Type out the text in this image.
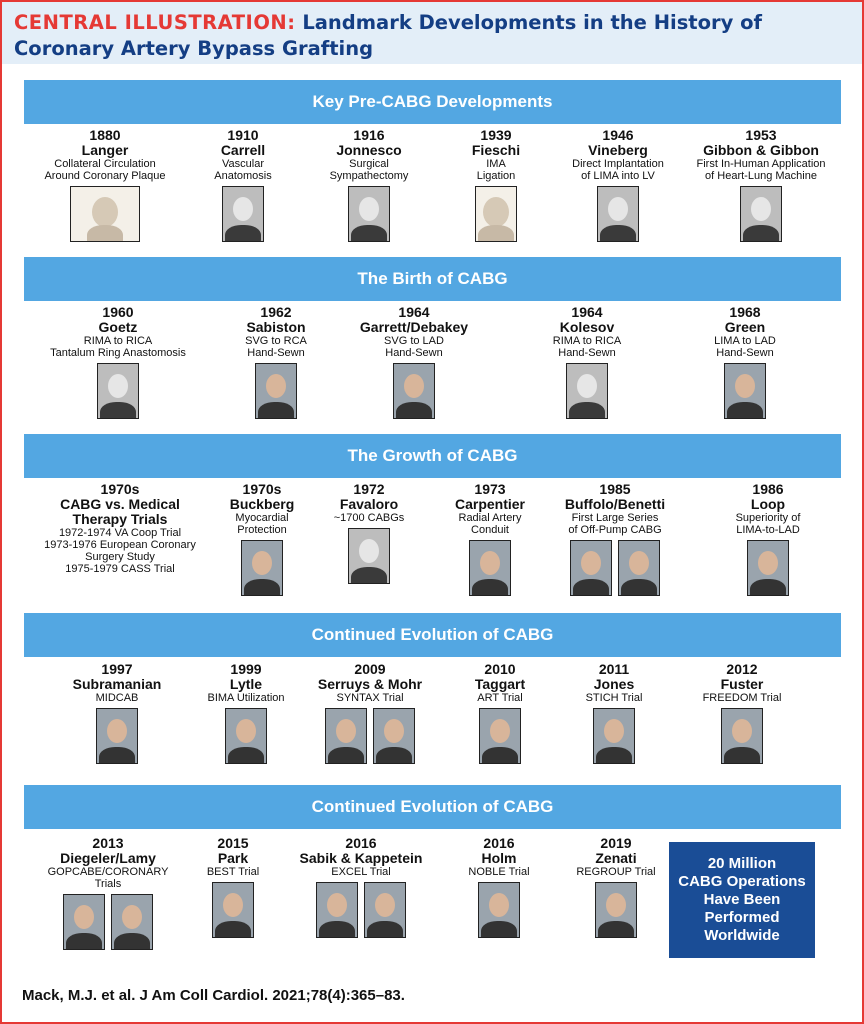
CENTRAL ILLUSTRATION: Landmark Developments in the History of Coronary Artery Bypass Grafting
Key Pre-CABG Developments
1880
Langer
Collateral Circulation
Around Coronary Plaque
1910
Carrell
Vascular
Anatomosis
1916
Jonnesco
Surgical
Sympathectomy
1939
Fieschi
IMA
Ligation
1946
Vineberg
Direct Implantation
of LIMA into LV
1953
Gibbon & Gibbon
First In-Human Application
of Heart-Lung Machine
The Birth of CABG
1960
Goetz
RIMA to RICA
Tantalum Ring Anastomosis
1962
Sabiston
SVG to RCA
Hand-Sewn
1964
Garrett/Debakey
SVG to LAD
Hand-Sewn
1964
Kolesov
RIMA to RICA
Hand-Sewn
1968
Green
LIMA to LAD
Hand-Sewn
The Growth of CABG
1970s
CABG vs. Medical
Therapy Trials
1972-1974 VA Coop Trial
1973-1976 European Coronary
Surgery Study
1975-1979 CASS Trial
1970s
Buckberg
Myocardial
Protection
1972
Favaloro
~1700 CABGs
1973
Carpentier
Radial Artery
Conduit
1985
Buffolo/Benetti
First Large Series
of Off-Pump CABG
1986
Loop
Superiority of
LIMA-to-LAD
Continued Evolution of CABG
1997
Subramanian
MIDCAB
1999
Lytle
BIMA Utilization
2009
Serruys & Mohr
SYNTAX Trial
2010
Taggart
ART Trial
2011
Jones
STICH Trial
2012
Fuster
FREEDOM Trial
Continued Evolution of CABG
2013
Diegeler/Lamy
GOPCABE/CORONARY
Trials
2015
Park
BEST Trial
2016
Sabik & Kappetein
EXCEL Trial
2016
Holm
NOBLE Trial
2019
Zenati
REGROUP Trial	20 Million
CABG Operations
Have Been
Performed
Worldwide
Mack, M.J. et al. J Am Coll Cardiol. 2021;78(4):365–83.
